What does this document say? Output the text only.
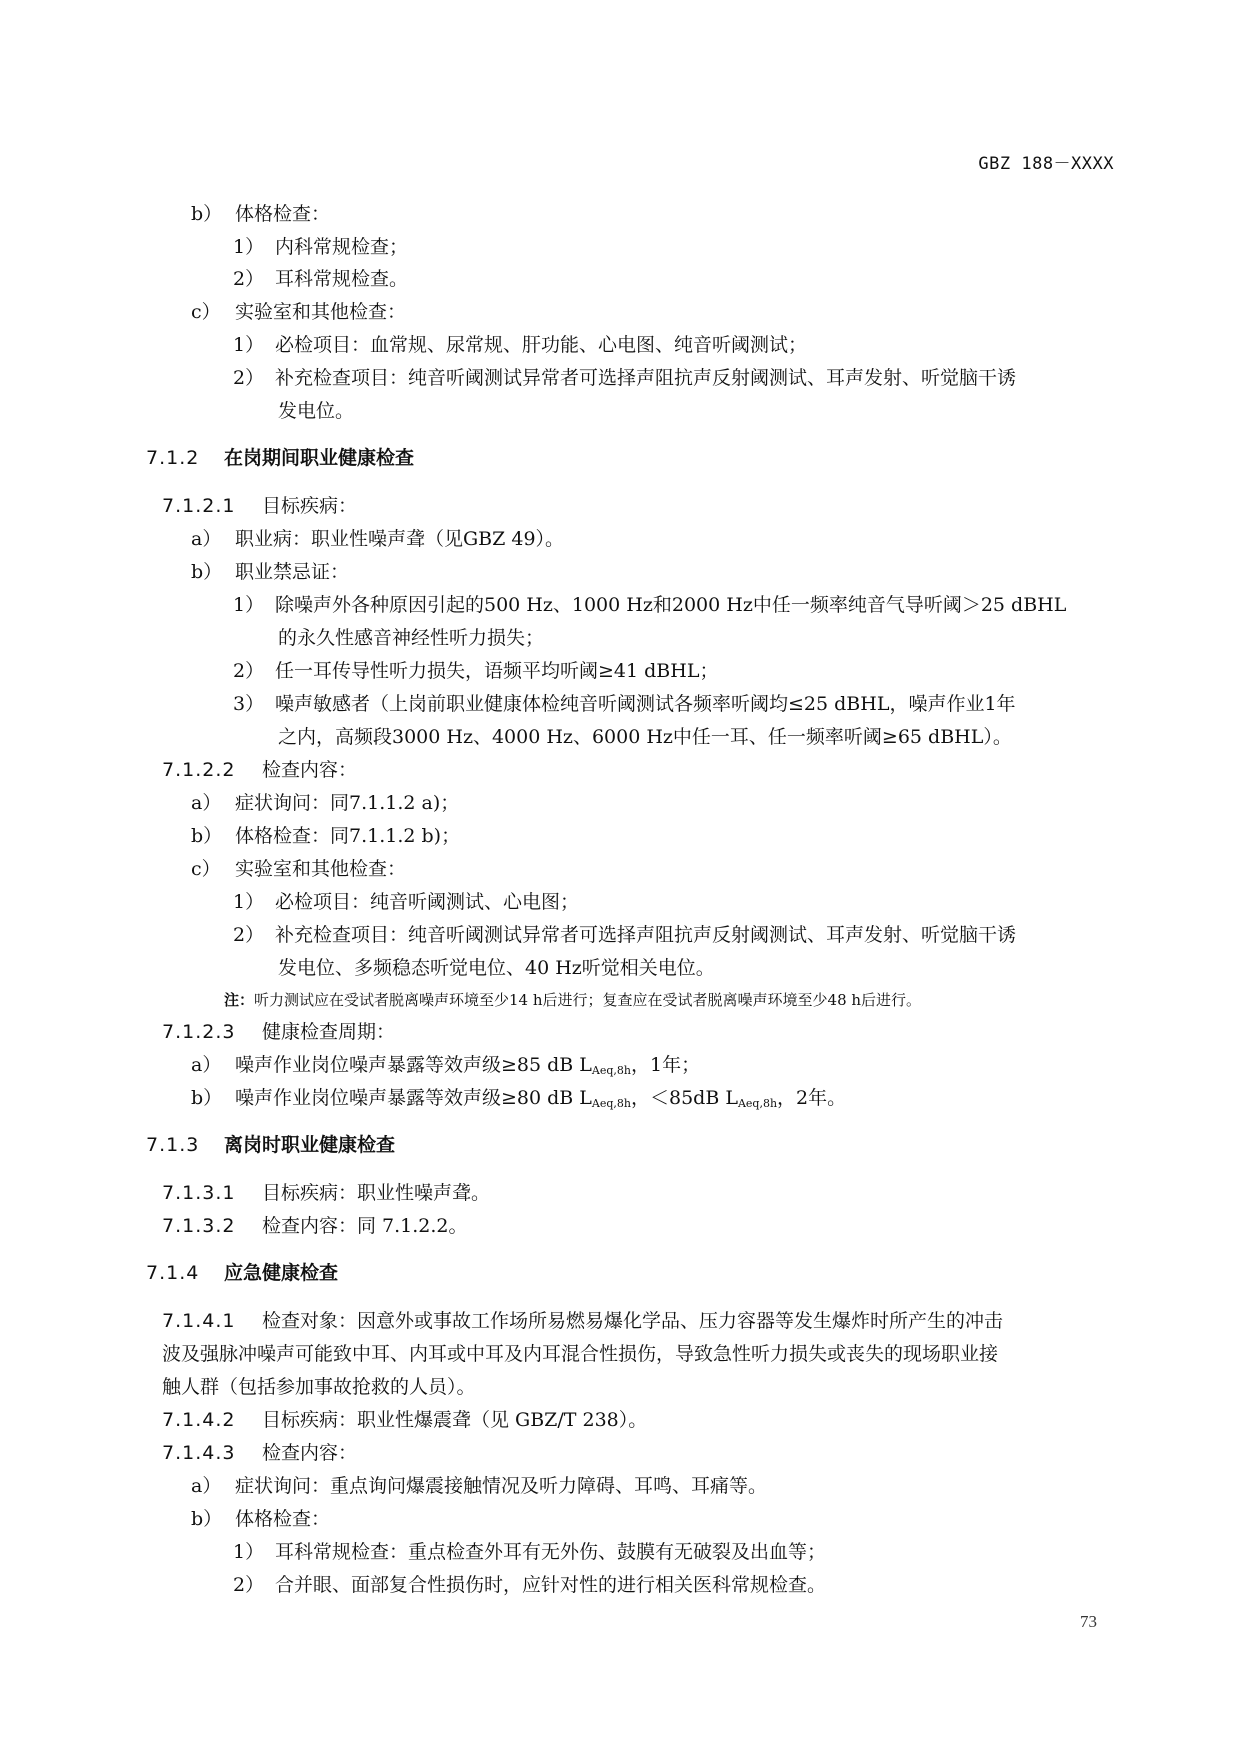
GBZ 188－XXXX
b） 体格检查：
1） 内科常规检查；
2） 耳科常规检查。
c） 实验室和其他检查：
1） 必检项目：血常规、尿常规、肝功能、心电图、纯音听阈测试；
2） 补充检查项目：纯音听阈测试异常者可选择声阻抗声反射阈测试、耳声发射、听觉脑干诱
发电位。
7.1.2 在岗期间职业健康检查
7.1.2.1 目标疾病：
a） 职业病：职业性噪声聋（见GBZ 49）。
b） 职业禁忌证：
1） 除噪声外各种原因引起的500 Hz、1000 Hz和2000 Hz中任一频率纯音气导听阈＞25 dBHL
的永久性感音神经性听力损失；
2） 任一耳传导性听力损失，语频平均听阈≥41 dBHL；
3） 噪声敏感者（上岗前职业健康体检纯音听阈测试各频率听阈均≤25 dBHL，噪声作业1年
之内，高频段3000 Hz、4000 Hz、6000 Hz中任一耳、任一频率听阈≥65 dBHL）。
7.1.2.2 检查内容：
a） 症状询问：同7.1.1.2 a)；
b） 体格检查：同7.1.1.2 b)；
c） 实验室和其他检查：
1） 必检项目：纯音听阈测试、心电图；
2） 补充检查项目：纯音听阈测试异常者可选择声阻抗声反射阈测试、耳声发射、听觉脑干诱
发电位、多频稳态听觉电位、40 Hz听觉相关电位。
注：听力测试应在受试者脱离噪声环境至少14 h后进行；复查应在受试者脱离噪声环境至少48 h后进行。
7.1.2.3 健康检查周期：
a） 噪声作业岗位噪声暴露等效声级≥85 dB $L_{Aeq,8h}$，1年；
b） 噪声作业岗位噪声暴露等效声级≥80 dB $L_{Aeq,8h}$，＜85dB $L_{Aeq,8h}$，2年。
7.1.3 离岗时职业健康检查
7.1.3.1 目标疾病：职业性噪声聋。
7.1.3.2 检查内容：同 7.1.2.2。
7.1.4 应急健康检查
7.1.4.1 检查对象：因意外或事故工作场所易燃易爆化学品、压力容器等发生爆炸时所产生的冲击
波及强脉冲噪声可能致中耳、内耳或中耳及内耳混合性损伤，导致急性听力损失或丧失的现场职业接
触人群（包括参加事故抢救的人员）。
7.1.4.2 目标疾病：职业性爆震聋（见 GBZ/T 238）。
7.1.4.3 检查内容：
a） 症状询问：重点询问爆震接触情况及听力障碍、耳鸣、耳痛等。
b） 体格检查：
1） 耳科常规检查：重点检查外耳有无外伤、鼓膜有无破裂及出血等；
2） 合并眼、面部复合性损伤时，应针对性的进行相关医科常规检查。
73
